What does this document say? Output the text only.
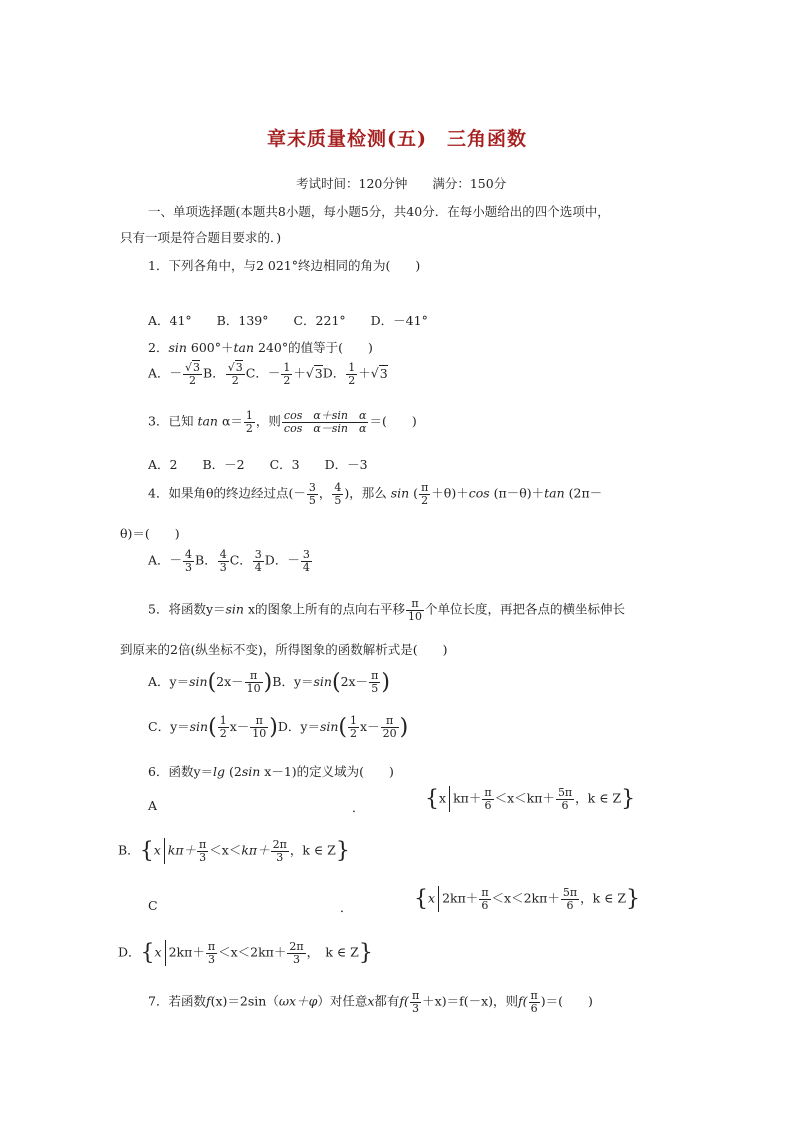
章末质量检测(五)　三角函数
考试时间：120分钟　　满分：150分
一、单项选择题(本题共8小题，每小题5分，共40分．在每小题给出的四个选项中，
只有一项是符合题目要求的．)
1．下列各角中，与2 021°终边相同的角为(　　)
A．41°　　B．139°　　C．221°　　D．－41°
2．sin 600°＋tan 240°的值等于(　　)
A．－ $\frac{√3}{2}$ B． $\frac{√3}{2}$ C．－ $\frac{1}{2} +√3D$． $\frac{1}{2} +√3$
3．已知 $\tan \alpha= \frac{1}{2}$ ，则 $\frac{\text{cos　α＋sin　α}}{\text{cos　α－sin　α}}$ ＝(　　)
A．2　　B．－2　　C．3　　D．－3
4．如果角θ的终边经过点(－ $\frac{3}{5}$ ， $\frac{4}{5}$ )，那么 sin ( $\frac{\pi}{2} +\theta)+\cos$ (π－θ)＋tan (2π－
θ)＝(　　)
A．－ $\frac{4}{3}$ B． $\frac{4}{3}$ C． $\frac{3}{4}$ D．－ $\frac{3}{4}$
5．将函数y＝sin x的图象上所有的点向右平移 $\frac{\pi}{10}$ 个单位长度，再把各点的横坐标伸长
到原来的2倍(纵坐标不变)，所得图象的函数解析式是(　　)
A．$y=\sin(2x- \frac{\pi}{10} )B$．$y=\sin(2x- \frac{\pi}{5}$ )
C．$y=\sin( \frac{1}{2} x- \frac{\pi}{10} )D$．$y=\sin( \frac{1}{2} x- \frac{\pi}{20}$ )
6．函数y＝lg (2sin x－1)的定义域为(　　)
A	．	{x $k\pi+ \frac{\pi}{6} <x<k\pi+ \frac{5\pi}{6}$ ，k ∈ Z}
B．{x $k\pi+ \frac{\pi}{3} <x<k\pi+ \frac{2\pi}{3}$ ，k ∈ Z}
C	．	{x $2k\pi+ \frac{\pi}{6} <x<2k\pi+ \frac{5\pi}{6}$ ，k ∈ Z}
D．{x $2k\pi+ \frac{\pi}{3} <x<2k\pi+ \frac{2\pi}{3}$ ，　k ∈ Z}
7．若函数f(x)＝2sin（ωx＋φ）对任意x都有$f( \frac{\pi}{3} +x)=f(-x)$，则$f( \frac{\pi}{6}$ )＝(　　)
